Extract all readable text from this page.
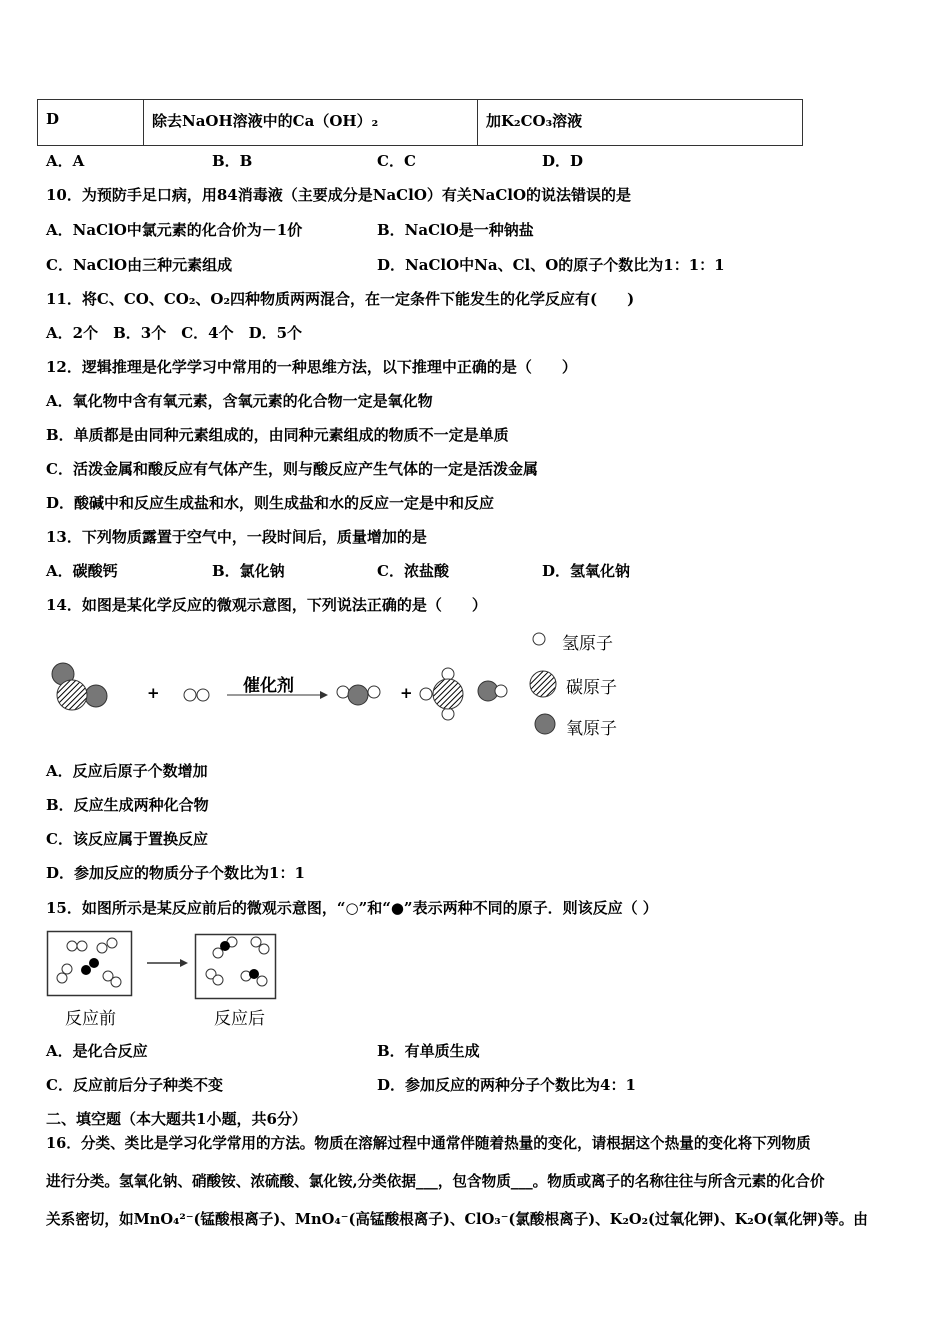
D	除去NaOH溶液中的Ca（OH）₂	加K₂CO₃溶液
A．A	B．B	C．C	D．D
10．为预防手足口病，用84消毒液（主要成分是NaClO）有关NaClO的说法错误的是
A．NaClO中氯元素的化合价为－1价	B．NaClO是一种钠盐
C．NaClO由三种元素组成	D．NaClO中Na、Cl、O的原子个数比为1：1：1
11．将C、CO、CO₂、O₂四种物质两两混合，在一定条件下能发生的化学反应有(　　)
A．2个　B．3个　C．4个　D．5个
12．逻辑推理是化学学习中常用的一种思维方法，以下推理中正确的是（　　）
A．氧化物中含有氧元素，含氧元素的化合物一定是氧化物
B．单质都是由同种元素组成的，由同种元素组成的物质不一定是单质
C．活泼金属和酸反应有气体产生，则与酸反应产生气体的一定是活泼金属
D．酸碱中和反应生成盐和水，则生成盐和水的反应一定是中和反应
13．下列物质露置于空气中，一段时间后，质量增加的是
A．碳酸钙	B．氯化钠	C．浓盐酸	D．氢氧化钠
14．如图是某化学反应的微观示意图，下列说法正确的是（　　）
+	催化剂	+
氢原子
碳原子
氧原子
A．反应后原子个数增加
B．反应生成两种化合物
C．该反应属于置换反应
D．参加反应的物质分子个数比为1：1
15．如图所示是某反应前后的微观示意图，“○”和“●”表示两种不同的原子．则该反应（ ）
反应前	反应后
A．是化合反应	B．有单质生成
C．反应前后分子种类不变	D．参加反应的两种分子个数比为4：1
二、填空题（本大题共1小题，共6分）
16．分类、类比是学习化学常用的方法。物质在溶解过程中通常伴随着热量的变化，请根据这个热量的变化将下列物质
进行分类。氢氧化钠、硝酸铵、浓硫酸、氯化铵,分类依据___，包含物质___。物质或离子的名称往往与所含元素的化合价
关系密切，如MnO₄²⁻(锰酸根离子)、MnO₄⁻(高锰酸根离子)、ClO₃⁻(氯酸根离子)、K₂O₂(过氧化钾)、K₂O(氧化钾)等。由
